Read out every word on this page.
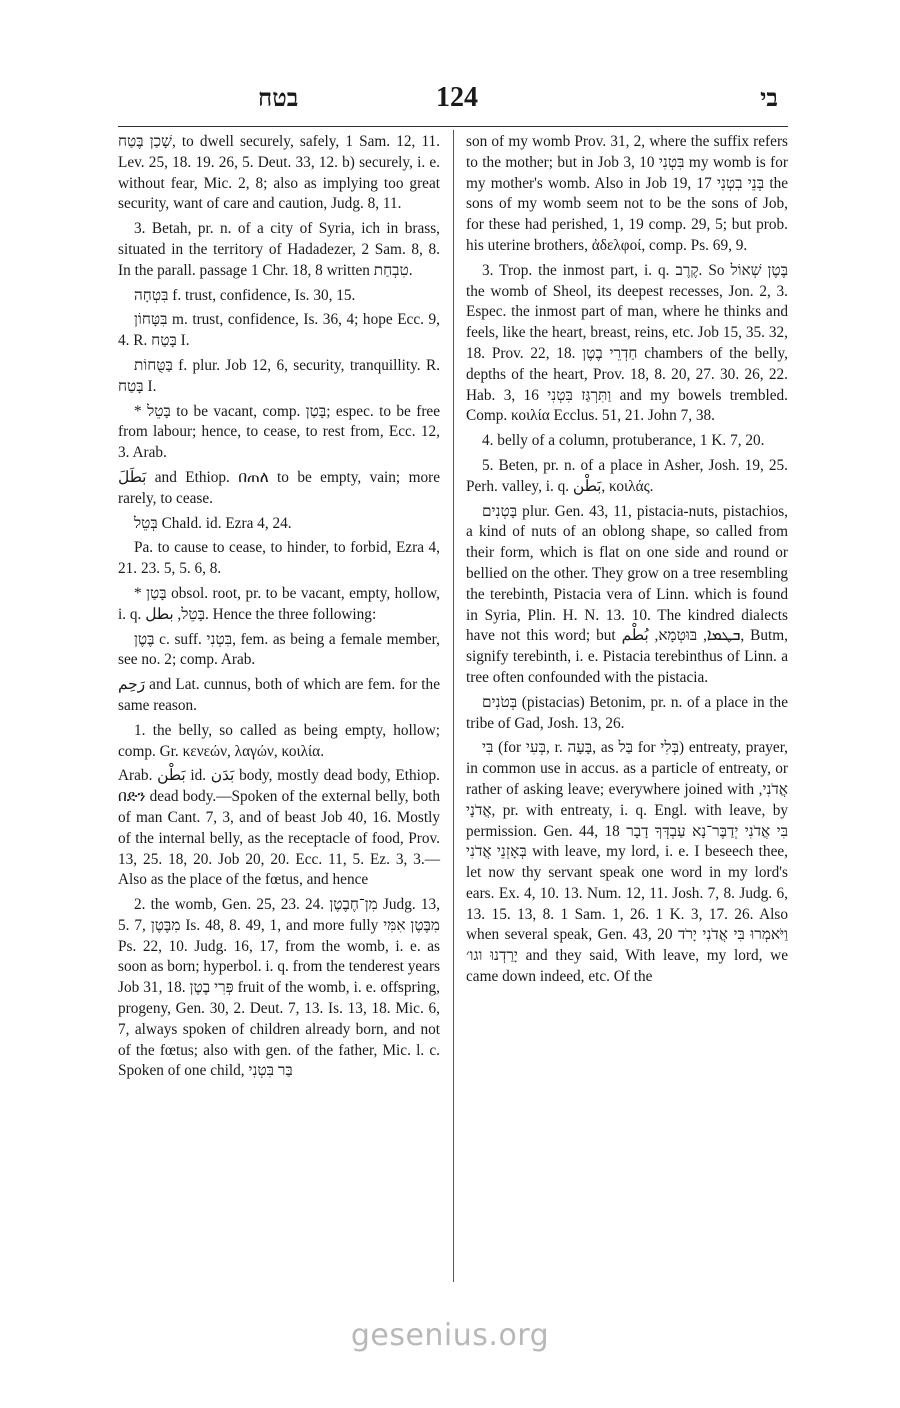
בטח	124	בי

שָׁכַן בֶּטַח, to dwell securely, safely, 1 Sam. 12, 11. Lev. 25, 18. 19. 26, 5. Deut. 33, 12. b) securely, i. e. without fear, Mic. 2, 8; also as implying too great security, want of care and caution, Judg. 8, 11.

3. Betah, pr. n. of a city of Syria, ich in brass, situated in the territory of Hadadezer, 2 Sam. 8, 8. In the parall. passage 1 Chr. 18, 8 written טִבְחַת.

בִּטְחָה f. trust, confidence, Is. 30, 15.

בִּטָּחוֹן m. trust, confidence, Is. 36, 4; hope Ecc. 9, 4. R. בָּטַח I.

בַּטֻּחוֹת f. plur. Job 12, 6, security, tranquillity. R. בָּטַח I.

* בָּטֵל to be vacant, comp. בָּטַן; espec. to be free from labour; hence, to cease, to rest from, Ecc. 12, 3. Arab.

بَطَلَ and Ethiop. በጠለ to be empty, vain; more rarely, to cease.

בְּטֵל Chald. id. Ezra 4, 24.

Pa. to cause to cease, to hinder, to forbid, Ezra 4, 21. 23. 5, 5. 6, 8.

* בָּטַן obsol. root, pr. to be vacant, empty, hollow, i. q. בָּטֵל, بطل. Hence the three following:

בֶּטֶן c. suff. בִּטְנִי, fem. as being a female member, see no. 2; comp. Arab.

رَحِم and Lat. cunnus, both of which are fem. for the same reason.

1. the belly, so called as being empty, hollow; comp. Gr. κενεών, λαγών, κοιλία.

Arab. بَطْن id. بَدَن body, mostly dead body, Ethiop. በድን dead body.—Spoken of the external belly, both of man Cant. 7, 3, and of beast Job 40, 16. Mostly of the internal belly, as the receptacle of food, Prov. 13, 25. 18, 20. Job 20, 20. Ecc. 11, 5. Ez. 3, 3.—Also as the place of the fœtus, and hence

2. the womb, Gen. 25, 23. 24. מִן־חֶבֶטֶן Judg. 13, 5. 7, מִבֶּטֶן Is. 48, 8. 49, 1, and more fully מִבֶּטֶן אִמִּי Ps. 22, 10. Judg. 16, 17, from the womb, i. e. as soon as born; hyperbol. i. q. from the tenderest years Job 31, 18. פְּרִי בֶטֶן fruit of the womb, i. e. offspring, progeny, Gen. 30, 2. Deut. 7, 13. Is. 13, 18. Mic. 6, 7, always spoken of children already born, and not of the fœtus; also with gen. of the father, Mic. l. c. Spoken of one child, בַּר בִּטְנִי

son of my womb Prov. 31, 2, where the suffix refers to the mother; but in Job 3, 10 בִּטְנִי my womb is for my mother's womb. Also in Job 19, 17 בְּנֵי בִטְנִי the sons of my womb seem not to be the sons of Job, for these had perished, 1, 19 comp. 29, 5; but prob. his uterine brothers, ἀδελφοί, comp. Ps. 69, 9.

3. Trop. the inmost part, i. q. קֶרֶב. So בֶּטֶן שְׁאוֹל the womb of Sheol, its deepest recesses, Jon. 2, 3. Espec. the inmost part of man, where he thinks and feels, like the heart, breast, reins, etc. Job 15, 35. 32, 18. Prov. 22, 18. חַדְרֵי בֶטֶן chambers of the belly, depths of the heart, Prov. 18, 8. 20, 27. 30. 26, 22. Hab. 3, 16 וַתִּרְגַּז בִּטְנִי and my bowels trembled. Comp. κοιλία Ecclus. 51, 21. John 7, 38.

4. belly of a column, protuberance, 1 K. 7, 20.

5. Beten, pr. n. of a place in Asher, Josh. 19, 25. Perh. valley, i. q. بَطْن, κοιλάς.

בָּטְנִים plur. Gen. 43, 11, pistacia-nuts, pistachios, a kind of nuts of an oblong shape, so called from their form, which is flat on one side and round or bellied on the other. They grow on a tree resembling the terebinth, Pistacia vera of Linn. which is found in Syria, Plin. H. N. 13. 10. The kindred dialects have not this word; but ܒܛܡܐ, בּוּטְמָא, بُطْم, Butm, signify terebinth, i. e. Pistacia terebinthus of Linn. a tree often confounded with the pistacia.

בְּטֹנִים (pistacias) Betonim, pr. n. of a place in the tribe of Gad, Josh. 13, 26.

בִּי (for בְּעִי, r. בָּעָה, as בַּל for בְּלִי) entreaty, prayer, in common use in accus. as a particle of entreaty, or rather of asking leave; everywhere joined with אֲדֹנִי, אֲדֹנָי, pr. with entreaty, i. q. Engl. with leave, by permission. Gen. 44, 18 בִּי אֲדֹנִי יְדַבֶּר־נָא עַבְדְּךָ דָבָר בְּאָזְנֵי אֲדֹנִי with leave, my lord, i. e. I beseech thee, let now thy servant speak one word in my lord's ears. Ex. 4, 10. 13. Num. 12, 11. Josh. 7, 8. Judg. 6, 13. 15. 13, 8. 1 Sam. 1, 26. 1 K. 3, 17. 26. Also when several speak, Gen. 43, 20 וַיֹּאמְרוּ בִּי אֲדֹנִי יָרֹד יָרַדְנוּ וגו׳ and they said, With leave, my lord, we came down indeed, etc. Of the

gesenius.org
